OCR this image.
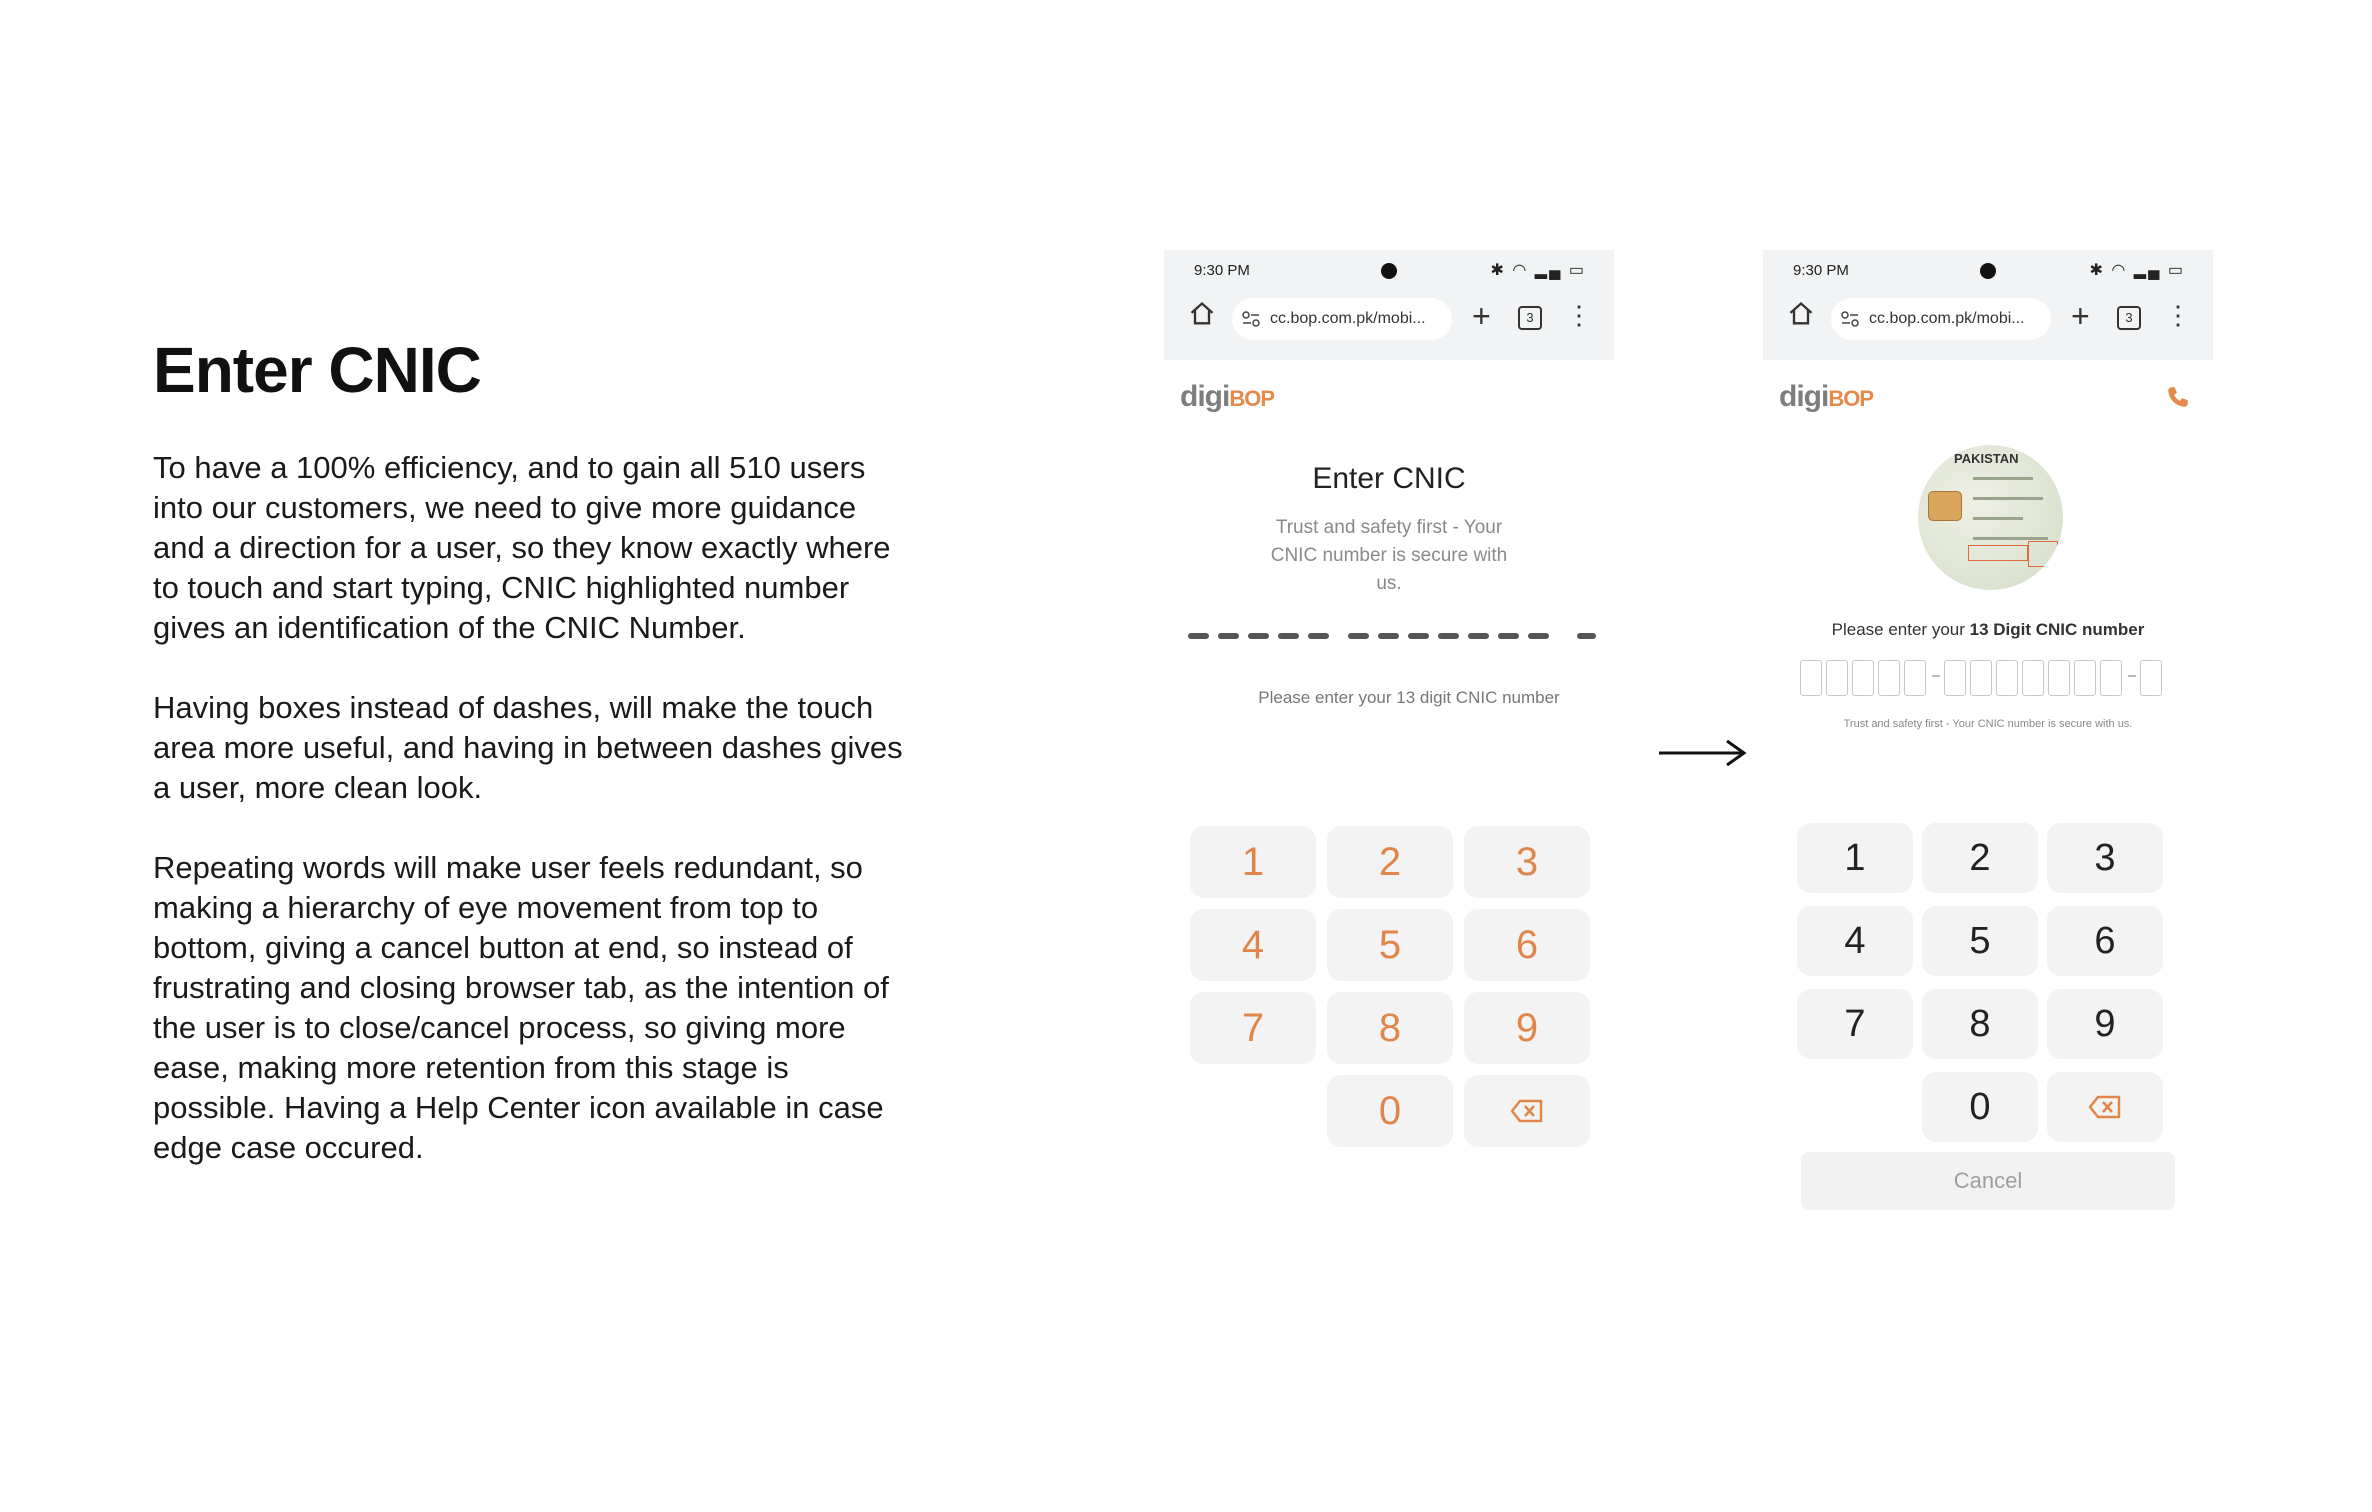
Enter CNIC

To have a 100% efficiency, and to gain all 510 users into our customers, we need to give more guidance and a direction for a user, so they know exactly where to touch and start typing, CNIC highlighted number gives an identification of the CNIC Number.

Having boxes instead of dashes, will make the touch area more useful, and having in between dashes gives a user, more clean look.

Repeating words will make user feels redundant, so making a hierarchy of eye movement from top to bottom, giving a cancel button at end, so instead of frustrating and closing browser tab, as the intention of the user is to close/cancel process, so giving more ease, making more retention from this stage is possible. Having a Help Center icon available in case edge case occured.

9:30 PM	✱ ◠ ▂▄ ▭
cc.bop.com.pk/mobi... +	3	⋮
digiBOP
Enter CNIC
Trust and safety first - Your CNIC number is secure with us.
Please enter your 13 digit CNIC number
1	2	3
4	5	6
7	8	9
0
9:30 PM	✱ ◠ ▂▄ ▭
cc.bop.com.pk/mobi... +	3	⋮
digiBOP
PAKISTAN
Please enter your 13 Digit CNIC number
Trust and safety first - Your CNIC number is secure with us.
1	2	3
4	5	6
7	8	9
0
Cancel
